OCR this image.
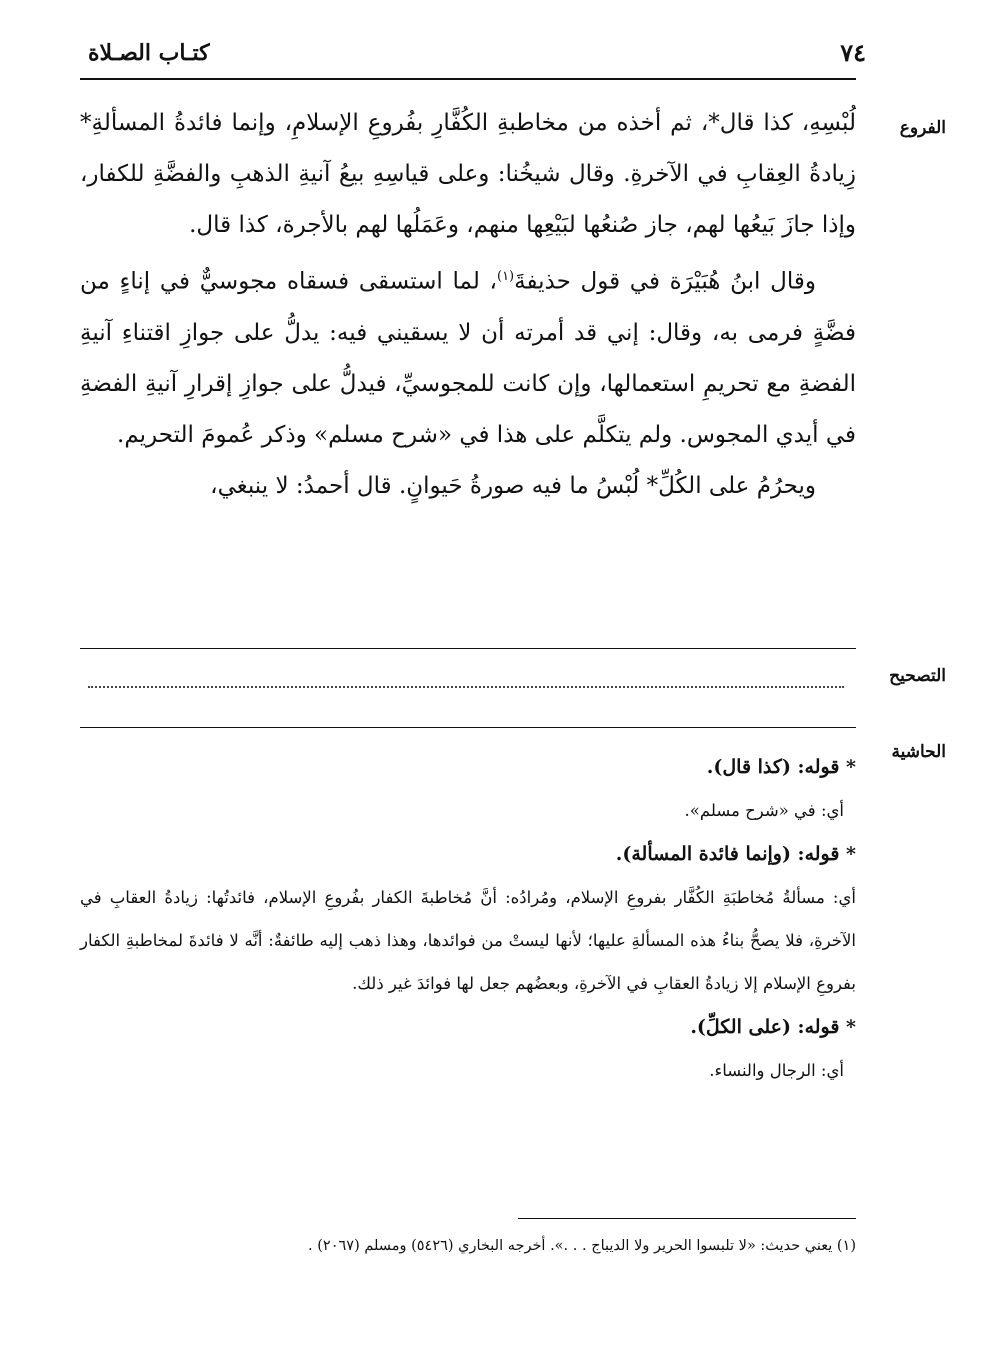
٧٤
كتـاب الصـلاة
الفروع
التصحيح
الحاشية

لُبْسِهِ، كذا قال*، ثم أخذه من مخاطبةِ الكُفَّارِ بفُروعِ الإسلامِ، وإنما فائدةُ المسألةِ* زِيادةُ العِقابِ في الآخرةِ. وقال شيخُنا: وعلى قياسِهِ بيعُ آنيةِ الذهبِ والفضَّةِ للكفار، وإذا جازَ بَيعُها لهم، جاز صُنعُها لبَيْعِها منهم، وعَمَلُها لهم بالأجرة، كذا قال.

وقال ابنُ هُبَيْرَة في قول حذيفةَ$^{(١)}$، لما استسقى فسقاه مجوسيٌّ في إناءٍ من فضَّةٍ فرمى به، وقال: إني قد أمرته أن لا يسقيني فيه: يدلُّ على جوازِ اقتناءِ آنيةِ الفضةِ مع تحريمِ استعمالها، وإن كانت للمجوسيِّ، فيدلُّ على جوازِ إقرارِ آنيةِ الفضةِ في أيدي المجوس. ولم يتكلَّم على هذا في «شرح مسلم» وذكر عُمومَ التحريم.

ويحرُمُ على الكُلِّ* لُبْسُ ما فيه صورةُ حَيوانٍ. قال أحمدُ: لا ينبغي،

* قوله: (كذا قال).
أي: في «شرح مسلم».
* قوله: (وإنما فائدة المسألة).
أي: مسألةُ مُخاطبَةِ الكُفَّار بفروعِ الإسلام، ومُرادُه: أنَّ مُخاطبةَ الكفار بفُروعِ الإسلام، فائدتُها: زيادةُ العقابِ في الآخرةِ، فلا يصحُّ بناءُ هذه المسألةِ عليها؛ لأنها ليستْ من فوائدها، وهذا ذهب إليه طائفةٌ: أنَّه لا فائدةَ لمخاطبةِ الكفار بفروعِ الإسلام إلا زيادةُ العقابِ في الآخرةِ، وبعضُهم جعل لها فوائدَ غير ذلك.
* قوله: (على الكلِّ).
أي: الرجال والنساء.
(١) يعني حديث: «لا تلبسوا الحرير ولا الديباج . . .». أخرجه البخاري (٥٤٢٦) ومسلم (٢٠٦٧) .
